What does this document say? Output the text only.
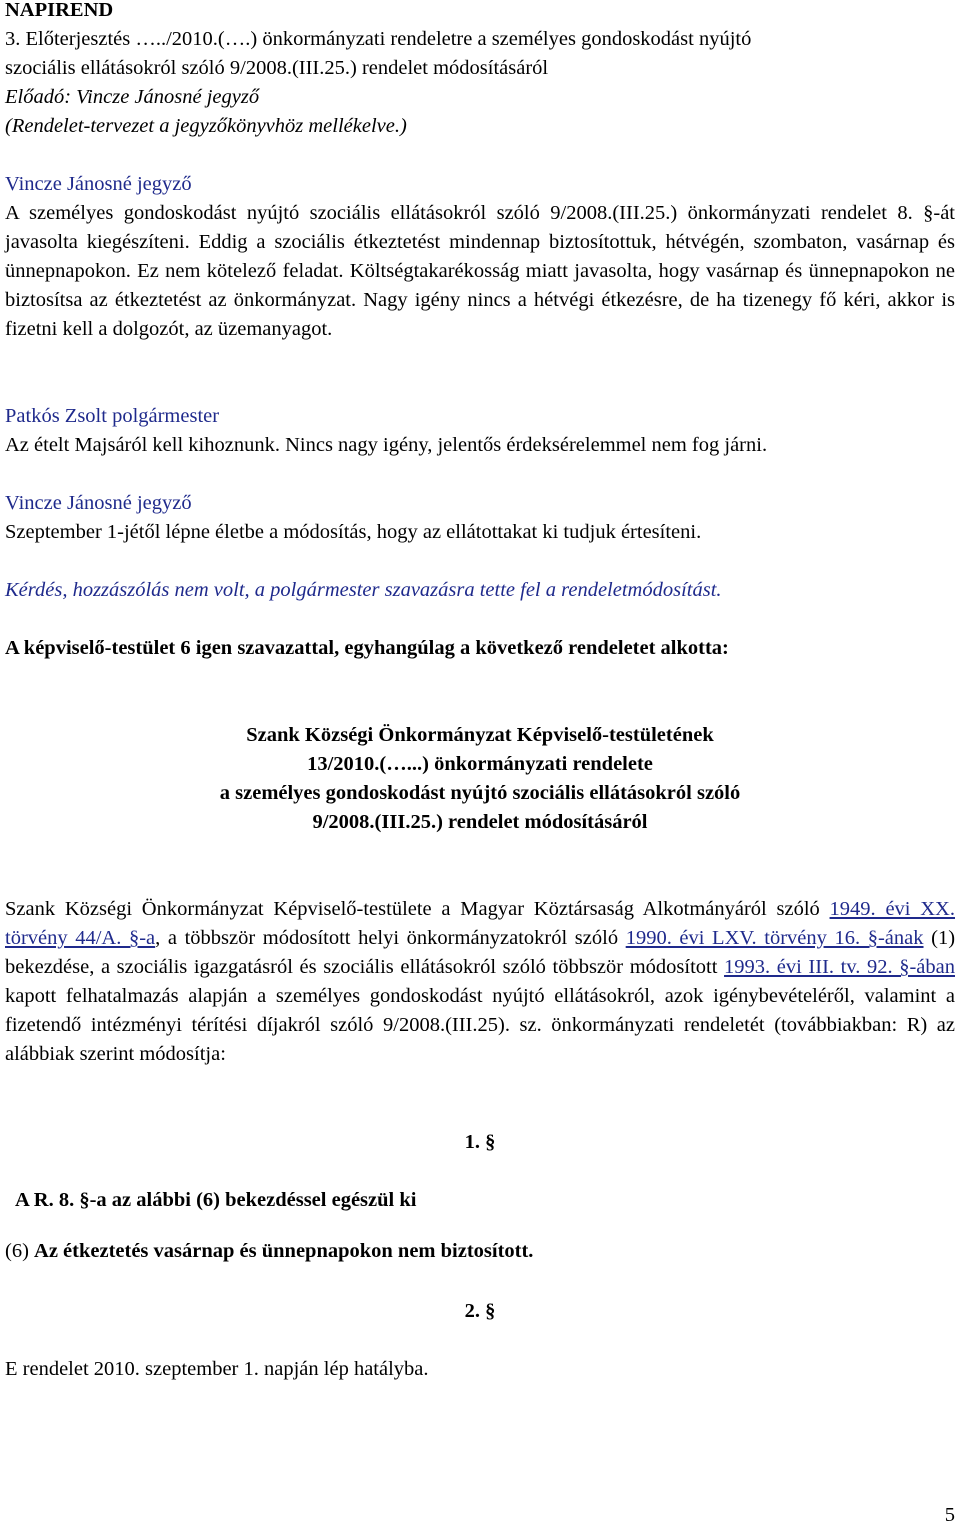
NAPIREND
3. Előterjesztés …../2010.(….) önkormányzati rendeletre a személyes gondoskodást nyújtó
szociális ellátásokról szóló 9/2008.(III.25.) rendelet módosításáról
Előadó: Vincze Jánosné jegyző
(Rendelet-tervezet a jegyzőkönyvhöz mellékelve.)
Vincze Jánosné jegyző
A személyes gondoskodást nyújtó szociális ellátásokról szóló 9/2008.(III.25.) önkormányzati rendelet 8. §-át javasolta kiegészíteni. Eddig a szociális étkeztetést mindennap biztosítottuk, hétvégén, szombaton, vasárnap és ünnepnapokon. Ez nem kötelező feladat. Költségtakarékosság miatt javasolta, hogy vasárnap és ünnepnapokon ne biztosítsa az étkeztetést az önkormányzat. Nagy igény nincs a hétvégi étkezésre, de ha tizenegy fő kéri, akkor is fizetni kell a dolgozót, az üzemanyagot.
Patkós Zsolt polgármester
Az ételt Majsáról kell kihoznunk. Nincs nagy igény, jelentős érdeksérelemmel nem fog járni.
Vincze Jánosné jegyző
Szeptember 1-jétől lépne életbe a módosítás, hogy az ellátottakat ki tudjuk értesíteni.
Kérdés, hozzászólás nem volt, a polgármester szavazásra tette fel a rendeletmódosítást.
A képviselő-testület 6 igen szavazattal, egyhangúlag a következő rendeletet alkotta:
Szank Községi Önkormányzat Képviselő-testületének
13/2010.(…...) önkormányzati rendelete
a személyes gondoskodást nyújtó szociális ellátásokról szóló
9/2008.(III.25.) rendelet módosításáról
Szank Községi Önkormányzat Képviselő-testülete a Magyar Köztársaság Alkotmányáról szóló 1949. évi XX. törvény 44/A. §-a, a többször módosított helyi önkormányzatokról szóló 1990. évi LXV. törvény 16. §-ának (1) bekezdése, a szociális igazgatásról és szociális ellátásokról szóló többször módosított 1993. évi III. tv. 92. §-ában kapott felhatalmazás alapján a személyes gondoskodást nyújtó ellátásokról, azok igénybevételéről, valamint a fizetendő intézményi térítési díjakról szóló 9/2008.(III.25). sz. önkormányzati rendeletét (továbbiakban: R) az alábbiak szerint módosítja:
1. §
A R. 8. §-a az alábbi (6) bekezdéssel egészül ki
(6) Az étkeztetés vasárnap és ünnepnapokon nem biztosított.
2. §
E rendelet 2010. szeptember 1. napján lép hatályba.
5
